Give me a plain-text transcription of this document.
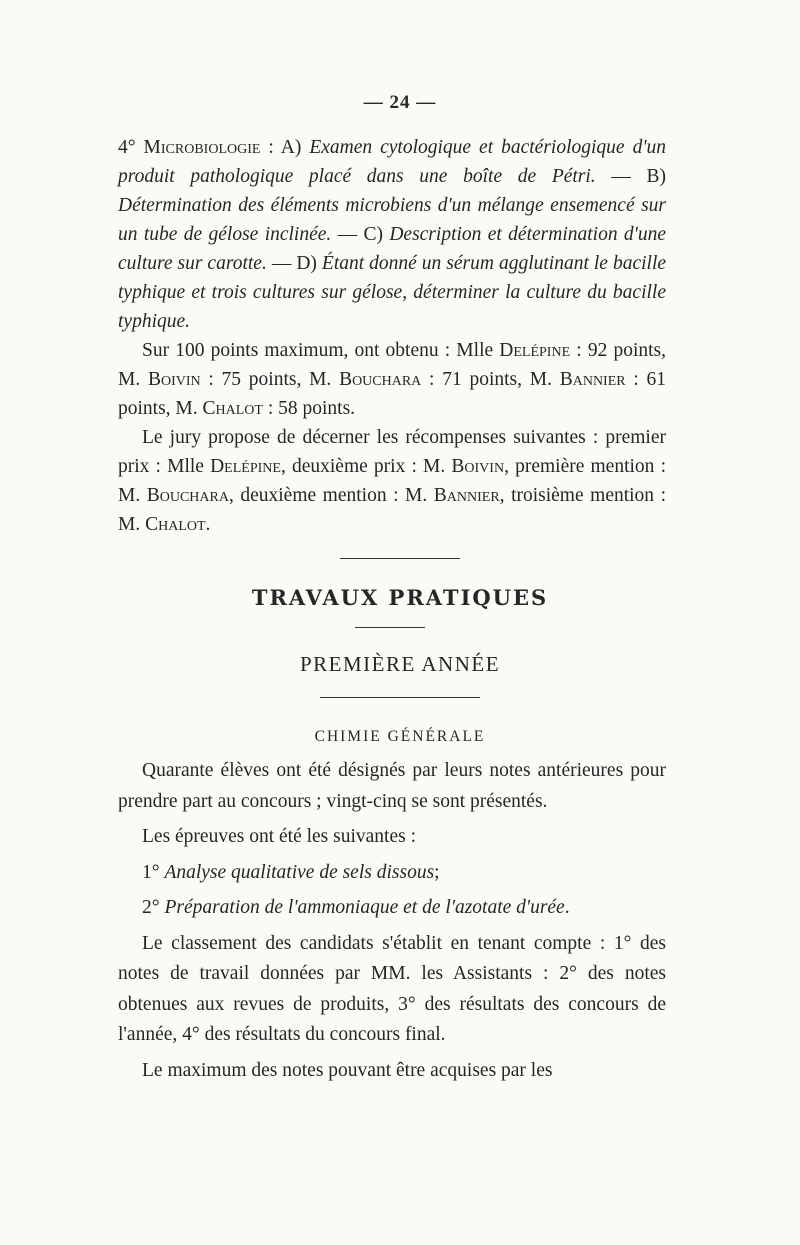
— 24 —

4° Microbiologie : A) Examen cytologique et bactériologique d'un produit pathologique placé dans une boîte de Pétri. — B) Détermination des éléments microbiens d'un mélange ensemencé sur un tube de gélose inclinée. — C) Description et détermination d'une culture sur carotte. — D) Étant donné un sérum agglutinant le bacille typhique et trois cultures sur gélose, déterminer la culture du bacille typhique.

Sur 100 points maximum, ont obtenu : Mlle Delépine : 92 points, M. Boivin : 75 points, M. Bouchara : 71 points, M. Bannier : 61 points, M. Chalot : 58 points.

Le jury propose de décerner les récompenses suivantes : premier prix : Mlle Delépine, deuxième prix : M. Boivin, première mention : M. Bouchara, deuxième mention : M. Bannier, troisième mention : M. Chalot.

TRAVAUX PRATIQUES
PREMIÈRE ANNÉE
CHIMIE GÉNÉRALE

Quarante élèves ont été désignés par leurs notes antérieures pour prendre part au concours ; vingt-cinq se sont présentés.

Les épreuves ont été les suivantes :

1° Analyse qualitative de sels dissous;

2° Préparation de l'ammoniaque et de l'azotate d'urée.

Le classement des candidats s'établit en tenant compte : 1° des notes de travail données par MM. les Assistants : 2° des notes obtenues aux revues de produits, 3° des résultats des concours de l'année, 4° des résultats du concours final.

Le maximum des notes pouvant être acquises par les
